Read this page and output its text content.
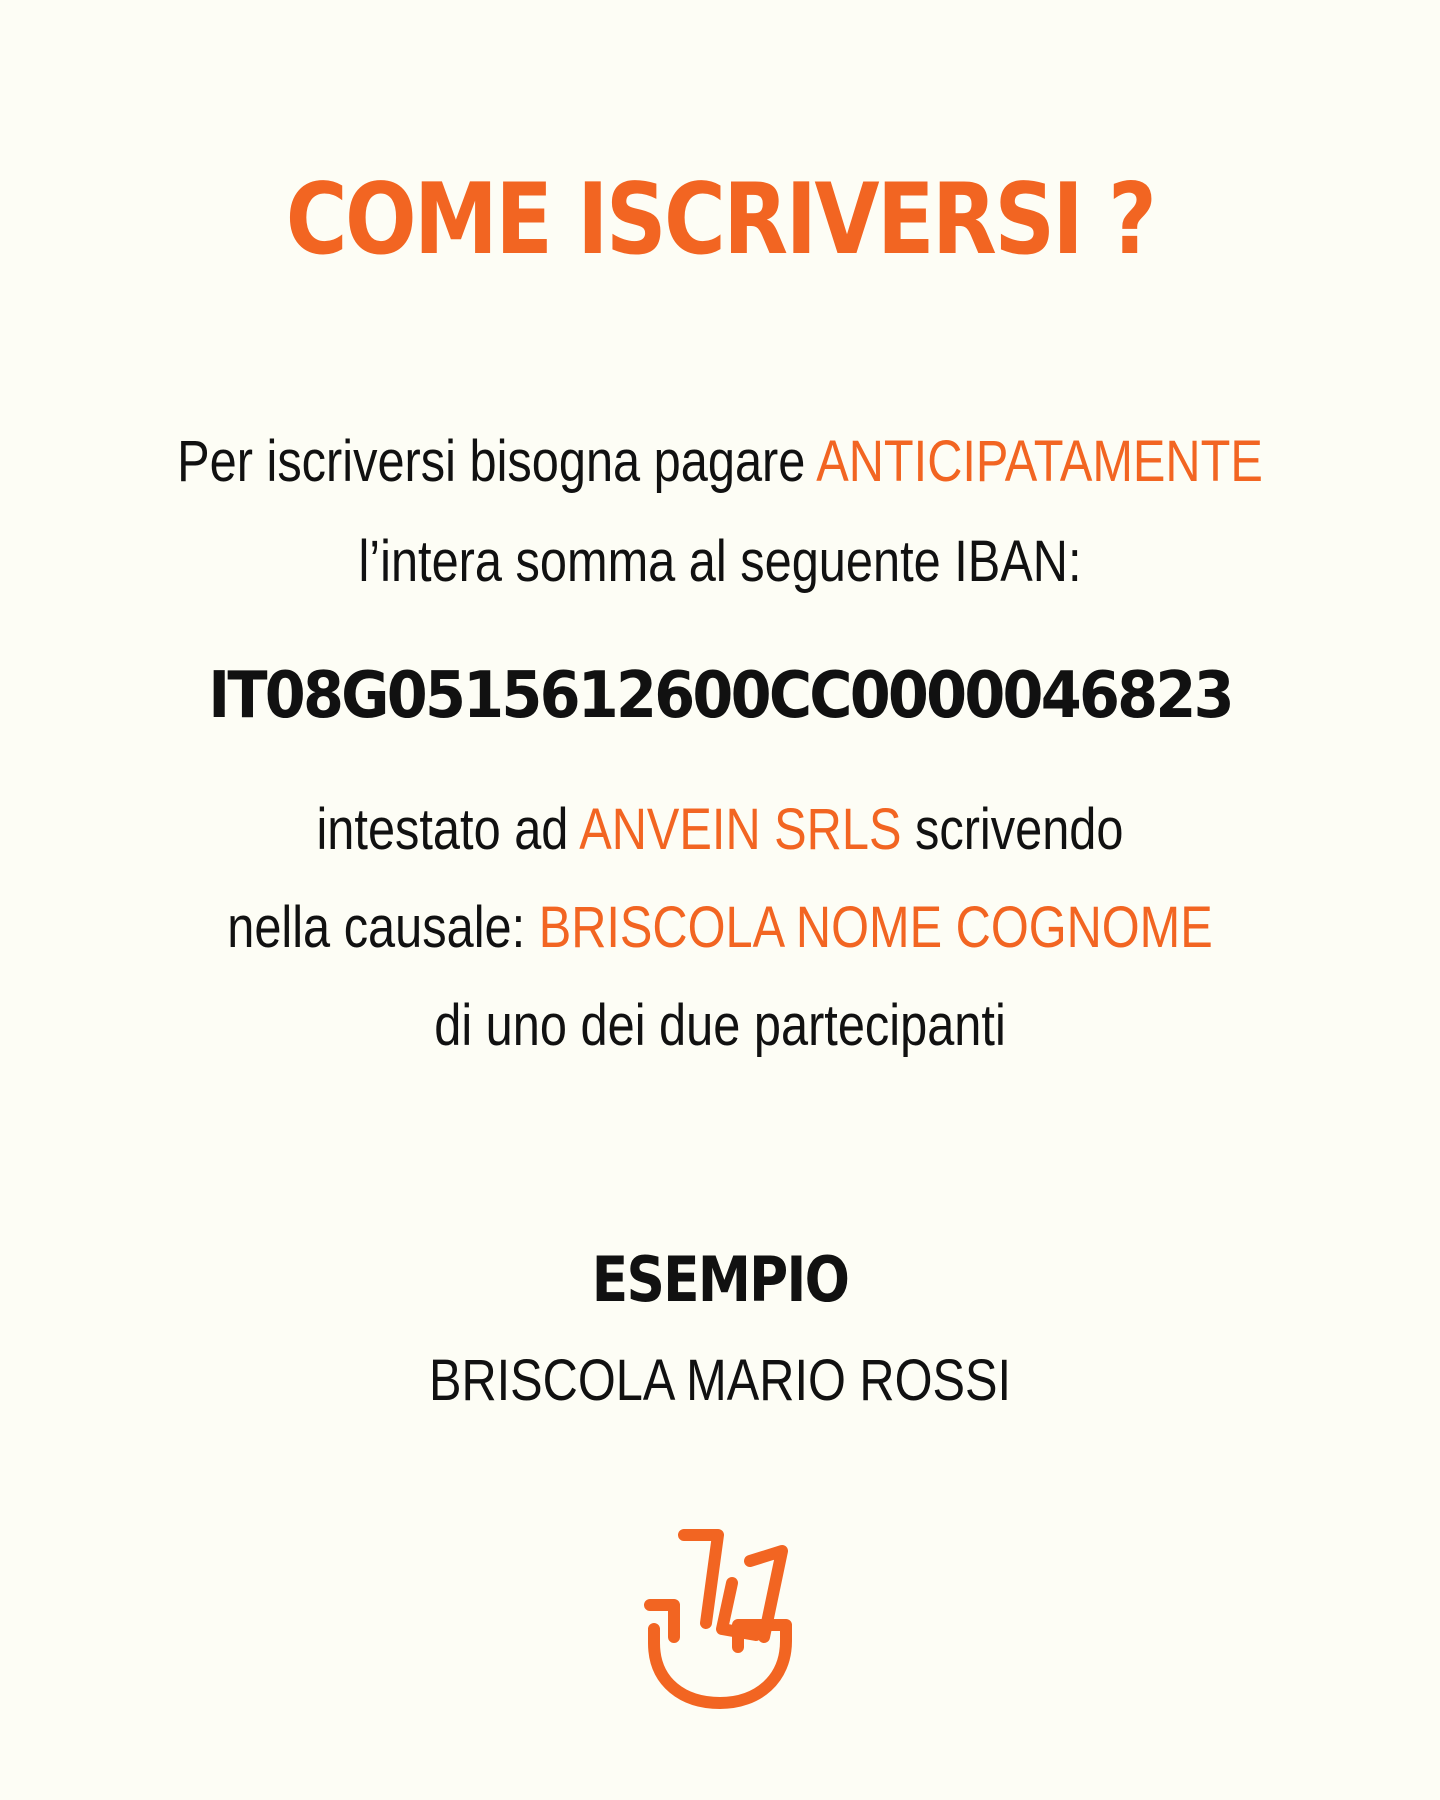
COME ISCRIVERSI ?

Per iscriversi bisogna pagare ANTICIPATAMENTE

l’intera somma al seguente IBAN:

IT08G0515612600CC0000046823

intestato ad ANVEIN SRLS scrivendo

nella causale: BRISCOLA NOME COGNOME

di uno dei due partecipanti

ESEMPIO

BRISCOLA MARIO ROSSI
